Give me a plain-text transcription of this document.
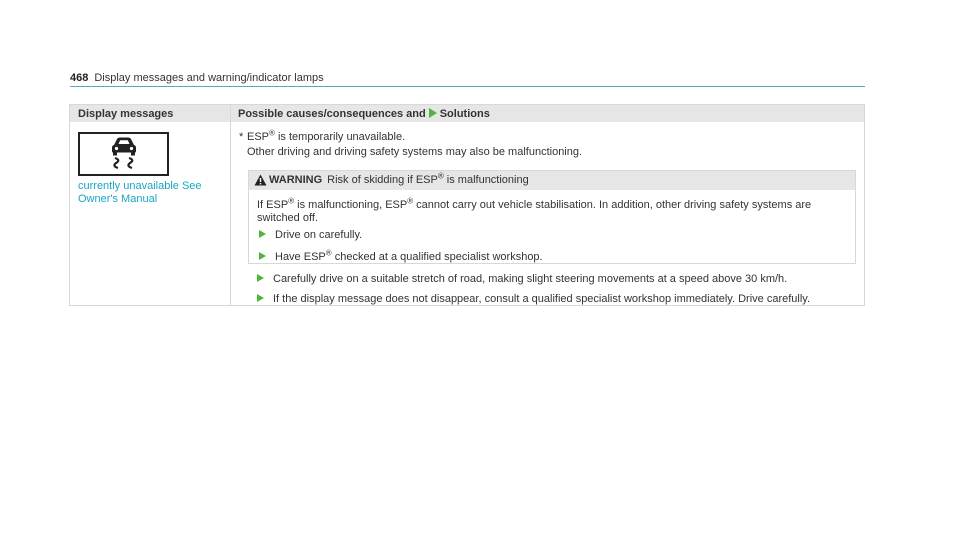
468 Display messages and warning/indicator lamps
Display messages	Possible causes/consequences and Solutions
currently unavailable See
Owner's Manual
* ESP® is temporarily unavailable.
Other driving and driving safety systems may also be malfunctioning.
WARNING Risk of skidding if ESP® is malfunctioning
If ESP® is malfunctioning, ESP® cannot carry out vehicle stabilisation. In addition, other driving safety systems are switched off.
Drive on carefully.
Have ESP® checked at a qualified specialist workshop.
Carefully drive on a suitable stretch of road, making slight steering movements at a speed above 30 km/h.
If the display message does not disappear, consult a qualified specialist workshop immediately. Drive carefully.
